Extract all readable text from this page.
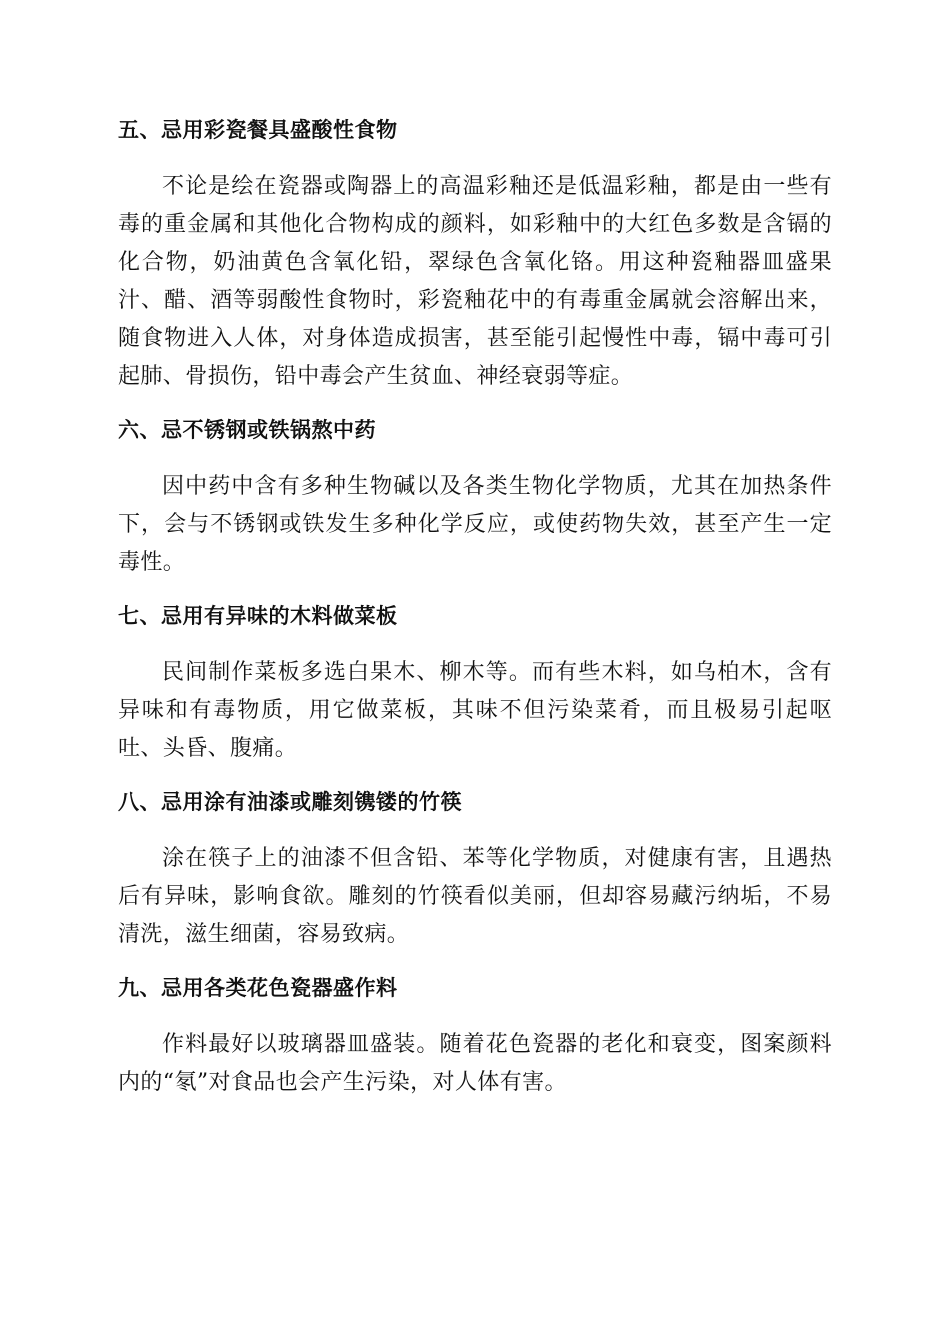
五、忌用彩瓷餐具盛酸性食物

不论是绘在瓷器或陶器上的高温彩釉还是低温彩釉，都是由一些有毒的重金属和其他化合物构成的颜料，如彩釉中的大红色多数是含镉的化合物，奶油黄色含氧化铅，翠绿色含氧化铬。用这种瓷釉器皿盛果汁、醋、酒等弱酸性食物时，彩瓷釉花中的有毒重金属就会溶解出来，随食物进入人体，对身体造成损害，甚至能引起慢性中毒，镉中毒可引起肺、骨损伤，铅中毒会产生贫血、神经衰弱等症。

六、忌不锈钢或铁锅熬中药

因中药中含有多种生物碱以及各类生物化学物质，尤其在加热条件下，会与不锈钢或铁发生多种化学反应，或使药物失效，甚至产生一定毒性。

七、忌用有异味的木料做菜板

民间制作菜板多选白果木、柳木等。而有些木料，如乌柏木，含有异味和有毒物质，用它做菜板，其味不但污染菜肴，而且极易引起呕吐、头昏、腹痛。

八、忌用涂有油漆或雕刻镌镂的竹筷

涂在筷子上的油漆不但含铅、苯等化学物质，对健康有害，且遇热后有异味，影响食欲。雕刻的竹筷看似美丽，但却容易藏污纳垢，不易清洗，滋生细菌，容易致病。

九、忌用各类花色瓷器盛作料

作料最好以玻璃器皿盛装。随着花色瓷器的老化和衰变，图案颜料内的“氡”对食品也会产生污染，对人体有害。
